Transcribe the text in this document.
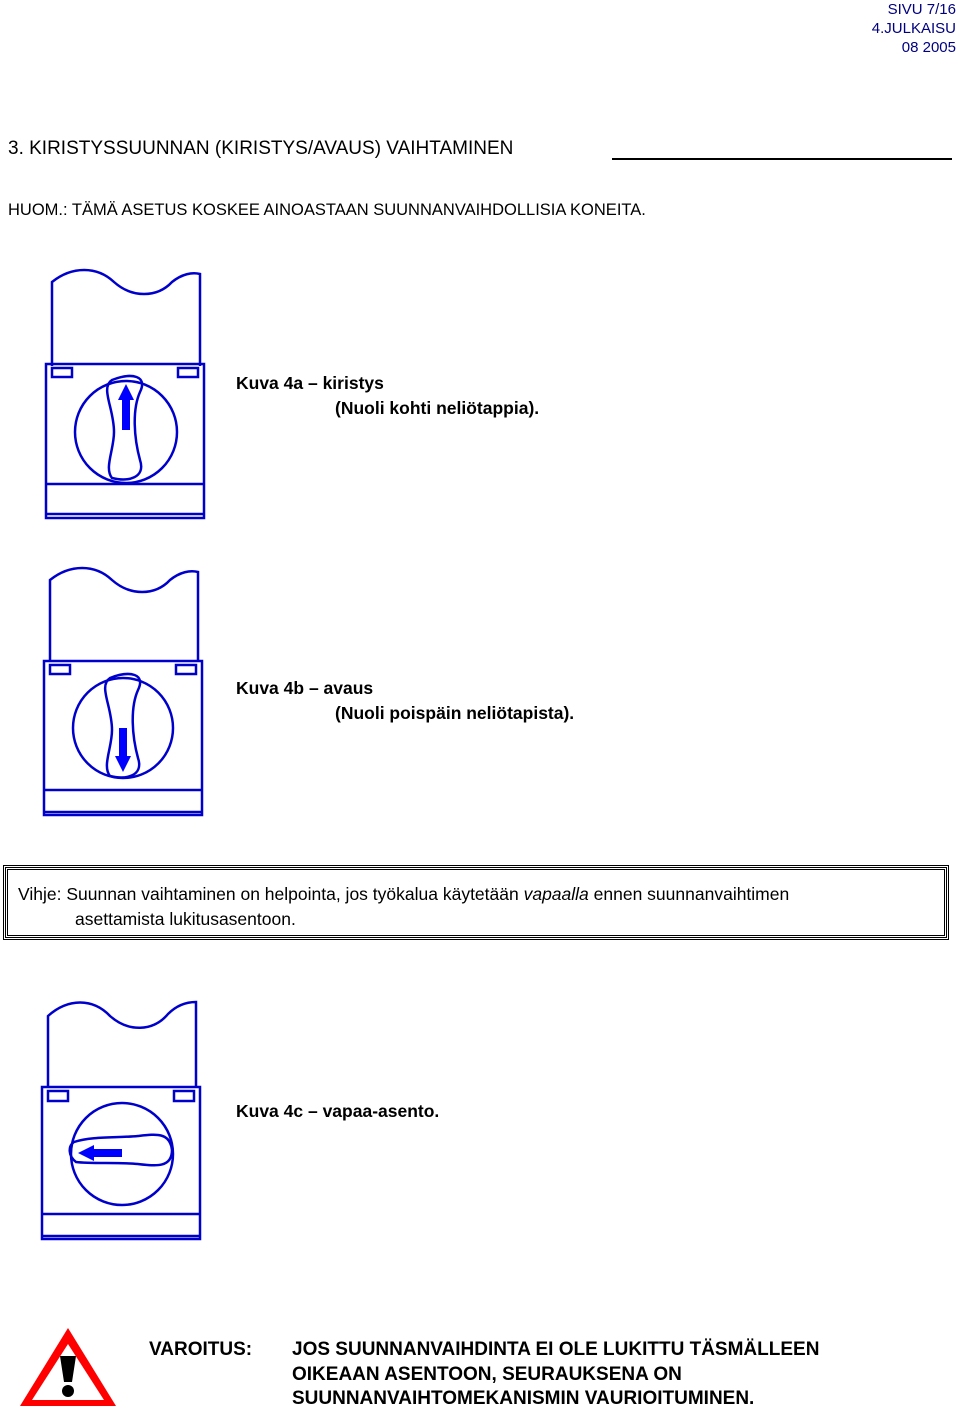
SIVU 7/16
4.JULKAISU
08 2005
3. KIRISTYSSUUNNAN (KIRISTYS/AVAUS) VAIHTAMINEN
HUOM.: TÄMÄ ASETUS KOSKEE AINOASTAAN SUUNNANVAIHDOLLISIA KONEITA.
Kuva 4a – kiristys
(Nuoli kohti neliötappia).
Kuva 4b – avaus
(Nuoli poispäin neliötapista).
Vihje: Suunnan vaihtaminen on helpointa, jos työkalua käytetään vapaalla ennen suunnanvaihtimen
asettamista lukitusasentoon.
Kuva 4c – vapaa-asento.
VAROITUS: JOS SUUNNANVAIHDINTA EI OLE LUKITTU TÄSMÄLLEEN
OIKEAAN ASENTOON, SEURAUKSENA ON
SUUNNANVAIHTOMEKANISMIN VAURIOITUMINEN.
